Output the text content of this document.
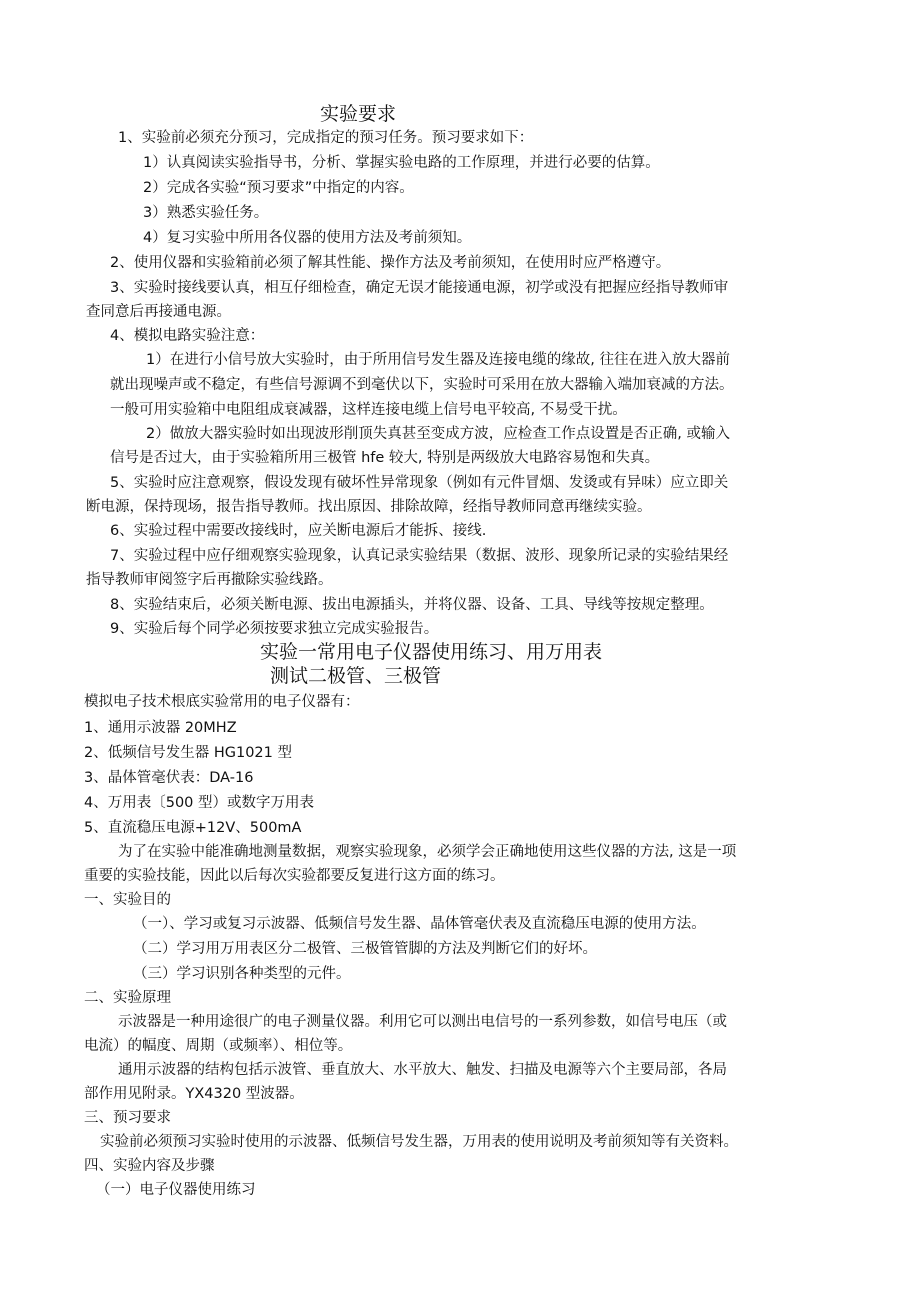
实验要求
1、实验前必须充分预习，完成指定的预习任务。预习要求如下：
1）认真阅读实验指导书，分析、掌握实验电路的工作原理，并进行必要的估算。
2）完成各实验“预习要求”中指定的内容。
3）熟悉实验任务。
4）复习实验中所用各仪器的使用方法及考前须知。
2、使用仪器和实验箱前必须了解其性能、操作方法及考前须知，在使用时应严格遵守。
3、实验时接线要认真，相互仔细检查，确定无误才能接通电源，初学或没有把握应经指导教师审
查同意后再接通电源。
4、模拟电路实验注意：
1）在进行小信号放大实验时，由于所用信号发生器及连接电缆的缘故, 往往在进入放大器前
就出现噪声或不稳定，有些信号源调不到毫伏以下，实验时可采用在放大器输入端加衰减的方法。
一般可用实验箱中电阻组成衰减器，这样连接电缆上信号电平较高, 不易受干扰。
2）做放大器实验时如出现波形削顶失真甚至变成方波，应检查工作点设置是否正确, 或输入
信号是否过大，由于实验箱所用三极管 hfe 较大, 特别是两级放大电路容易饱和失真。
5、实验时应注意观察，假设发现有破坏性异常现象（例如有元件冒烟、发烫或有异味）应立即关
断电源，保持现场，报告指导教师。找出原因、排除故障，经指导教师同意再继续实验。
6、实验过程中需要改接线时，应关断电源后才能拆、接线.
7、实验过程中应仔细观察实验现象，认真记录实验结果（数据、波形、现象所记录的实验结果经
指导教师审阅签字后再撤除实验线路。
8、实验结束后，必须关断电源、拔出电源插头，并将仪器、设备、工具、导线等按规定整理。
9、实验后每个同学必须按要求独立完成实验报告。
实验一常用电子仪器使用练习、用万用表
测试二极管、三极管
模拟电子技术根底实验常用的电子仪器有：
1、通用示波器 20MHZ
2、低频信号发生器 HG1021 型
3、晶体管毫伏表：DA-16
4、万用表〔500 型）或数字万用表
5、直流稳压电源+12V、500mA
为了在实验中能准确地测量数据，观察实验现象，必须学会正确地使用这些仪器的方法, 这是一项
重要的实验技能，因此以后每次实验都要反复进行这方面的练习。
一、实验目的
（一）、学习或复习示波器、低频信号发生器、晶体管毫伏表及直流稳压电源的使用方法。
（二）学习用万用表区分二极管、三极管管脚的方法及判断它们的好坏。
（三）学习识别各种类型的元件。
二、实验原理
示波器是一种用途很广的电子测量仪器。利用它可以测出电信号的一系列参数，如信号电压（或
电流）的幅度、周期（或频率）、相位等。
通用示波器的结构包括示波管、垂直放大、水平放大、触发、扫描及电源等六个主要局部，各局
部作用见附录。YX4320 型波器。
三、预习要求
实验前必须预习实验时使用的示波器、低频信号发生器，万用表的使用说明及考前须知等有关资料。
四、实验内容及步骤
（一）电子仪器使用练习
